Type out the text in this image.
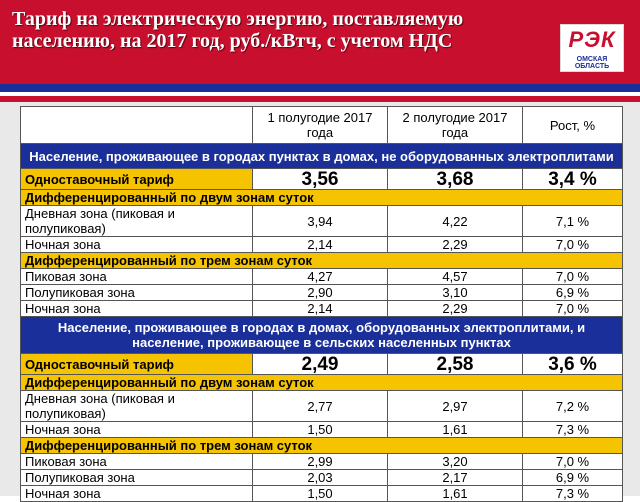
Тариф на электрическую энергию, поставляемую населению, на 2017 год, руб./кВтч, с учетом НДС	РЭК
ОМСКАЯ ОБЛАСТЬ
	1 полугодие 2017 года	2 полугодие 2017 года	Рост, %
Население, проживающее в городах пунктах в домах, не оборудованных электроплитами			
Одноставочный тариф	3,56	3,68	3,4 %
Дифференцированный по двум зонам суток			
Дневная зона (пиковая и полупиковая)	3,94	4,22	7,1 %
Ночная зона	2,14	2,29	7,0 %
Дифференцированный по трем зонам суток			
Пиковая зона	4,27	4,57	7,0 %
Полупиковая зона	2,90	3,10	6,9 %
Ночная зона	2,14	2,29	7,0 %
Население, проживающее в городах в домах, оборудованных электроплитами, и население, проживающее в сельских населенных пунктах			
Одноставочный тариф	2,49	2,58	3,6 %
Дифференцированный по двум зонам суток			
Дневная зона (пиковая и полупиковая)	2,77	2,97	7,2 %
Ночная зона	1,50	1,61	7,3 %
Дифференцированный по трем зонам суток			
Пиковая зона	2,99	3,20	7,0 %
Полупиковая зона	2,03	2,17	6,9 %
Ночная зона	1,50	1,61	7,3 %
